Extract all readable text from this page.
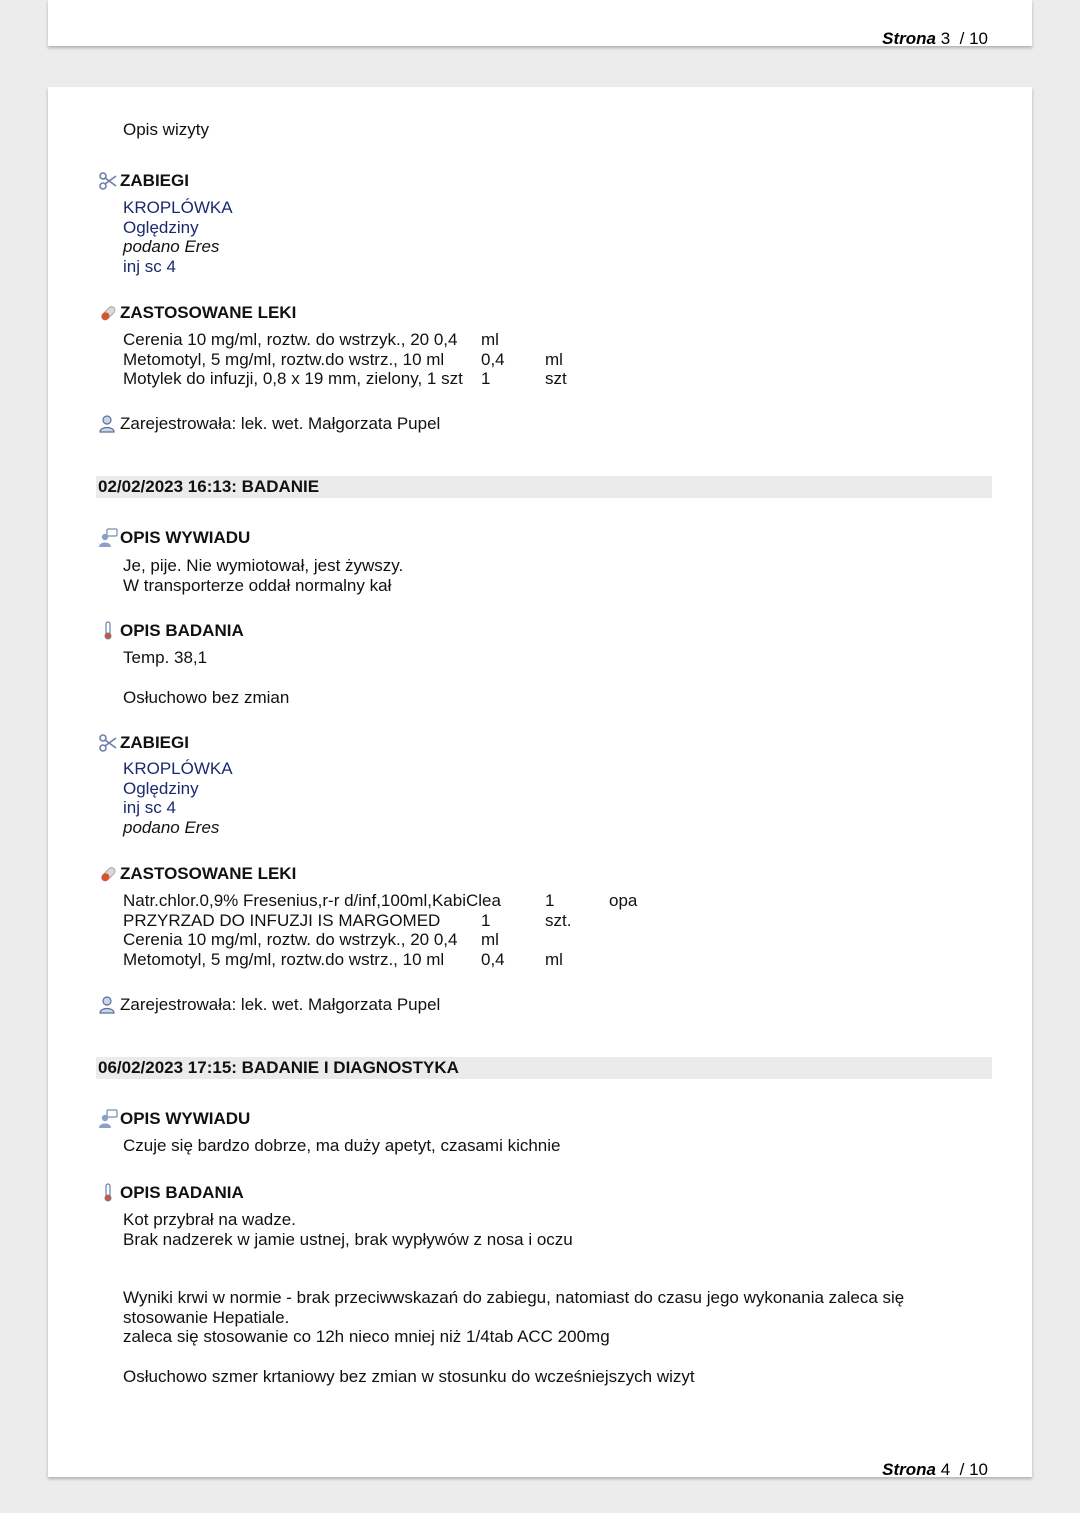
Strona 3 / 10
Strona 4 / 10
Opis wizyty
ZABIEGI
KROPLÓWKA
Oględziny
podano Eres
inj sc 4
ZASTOSOWANE LEKI
Cerenia 10 mg/ml, roztw. do wstrzyk., 20 0,4 ml
Metomotyl, 5 mg/ml, roztw.do wstrz., 10 ml 0,4 ml
Motylek do infuzji, 0,8 x 19 mm, zielony, 1 szt 1	szt
Zarejestrowała: lek. wet. Małgorzata Pupel
02/02/2023 16:13: BADANIE
OPIS WYWIADU
Je, pije. Nie wymiotował, jest żywszy.
W transporterze oddał normalny kał
OPIS BADANIA
Temp. 38,1
Osłuchowo bez zmian
ZABIEGI
KROPLÓWKA
Oględziny
inj sc 4
podano Eres
ZASTOSOWANE LEKI
Natr.chlor.0,9% Fresenius,r-r d/inf,100ml,KabiClea	1	opa
PRZYRZAD DO INFUZJI IS MARGOMED 1	szt.
Cerenia 10 mg/ml, roztw. do wstrzyk., 20 0,4 ml
Metomotyl, 5 mg/ml, roztw.do wstrz., 10 ml 0,4 ml
Zarejestrowała: lek. wet. Małgorzata Pupel
06/02/2023 17:15: BADANIE I DIAGNOSTYKA
OPIS WYWIADU
Czuje się bardzo dobrze, ma duży apetyt, czasami kichnie
OPIS BADANIA
Kot przybrał na wadze.
Brak nadzerek w jamie ustnej, brak wypływów z nosa i oczu
Wyniki krwi w normie - brak przeciwwskazań do zabiegu, natomiast do czasu jego wykonania zaleca się
stosowanie Hepatiale.
zaleca się stosowanie co 12h nieco mniej niż 1/4tab ACC 200mg
Osłuchowo szmer krtaniowy bez zmian w stosunku do wcześniejszych wizyt
